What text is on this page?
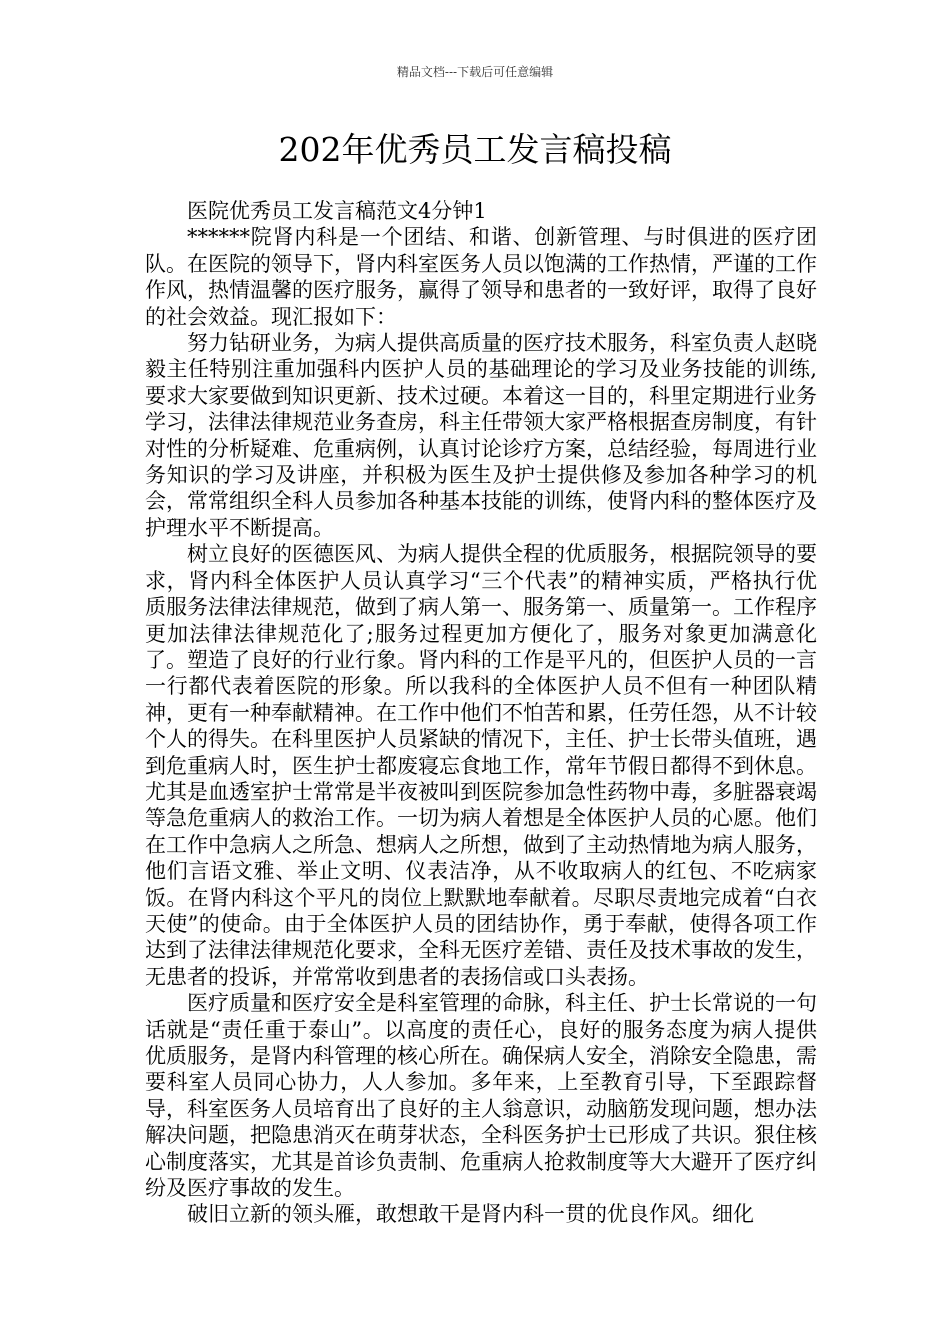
精品文档---下载后可任意编辑
202年优秀员工发言稿投稿

医院优秀员工发言稿范文4分钟1

******院肾内科是一个团结、和谐、创新管理、与时俱进的医疗团队。在医院的领导下，肾内科室医务人员以饱满的工作热情，严谨的工作作风，热情温馨的医疗服务，赢得了领导和患者的一致好评，取得了良好的社会效益。现汇报如下：

努力钻研业务，为病人提供高质量的医疗技术服务，科室负责人赵晓毅主任特别注重加强科内医护人员的基础理论的学习及业务技能的训练,要求大家要做到知识更新、技术过硬。本着这一目的，科里定期进行业务学习，法律法律规范业务查房，科主任带领大家严格根据查房制度，有针对性的分析疑难、危重病例，认真讨论诊疗方案，总结经验，每周进行业务知识的学习及讲座，并积极为医生及护士提供修及参加各种学习的机会，常常组织全科人员参加各种基本技能的训练，使肾内科的整体医疗及护理水平不断提高。

树立良好的医德医风、为病人提供全程的优质服务，根据院领导的要求，肾内科全体医护人员认真学习“三个代表”的精神实质，严格执行优质服务法律法律规范，做到了病人第一、服务第一、质量第一。工作程序更加法律法律规范化了;服务过程更加方便化了，服务对象更加满意化了。塑造了良好的行业行象。肾内科的工作是平凡的，但医护人员的一言一行都代表着医院的形象。所以我科的全体医护人员不但有一种团队精神，更有一种奉献精神。在工作中他们不怕苦和累，任劳任怨，从不计较个人的得失。在科里医护人员紧缺的情况下，主任、护士长带头值班，遇到危重病人时，医生护士都废寝忘食地工作，常年节假日都得不到休息。尤其是血透室护士常常是半夜被叫到医院参加急性药物中毒，多脏器衰竭等急危重病人的救治工作。一切为病人着想是全体医护人员的心愿。他们在工作中急病人之所急、想病人之所想，做到了主动热情地为病人服务，他们言语文雅、举止文明、仪表洁净，从不收取病人的红包、不吃病家饭。在肾内科这个平凡的岗位上默默地奉献着。尽职尽责地完成着“白衣天使”的使命。由于全体医护人员的团结协作，勇于奉献，使得各项工作达到了法律法律规范化要求，全科无医疗差错、责任及技术事故的发生，无患者的投诉，并常常收到患者的表扬信或口头表扬。

医疗质量和医疗安全是科室管理的命脉，科主任、护士长常说的一句话就是“责任重于泰山”。以高度的责任心，良好的服务态度为病人提供优质服务，是肾内科管理的核心所在。确保病人安全，消除安全隐患，需要科室人员同心协力，人人参加。多年来，上至教育引导，下至跟踪督导，科室医务人员培育出了良好的主人翁意识，动脑筋发现问题，想办法解决问题，把隐患消灭在萌芽状态，全科医务护士已形成了共识。狠住核心制度落实，尤其是首诊负责制、危重病人抢救制度等大大避开了医疗纠纷及医疗事故的发生。

破旧立新的领头雁，敢想敢干是肾内科一贯的优良作风。细化
